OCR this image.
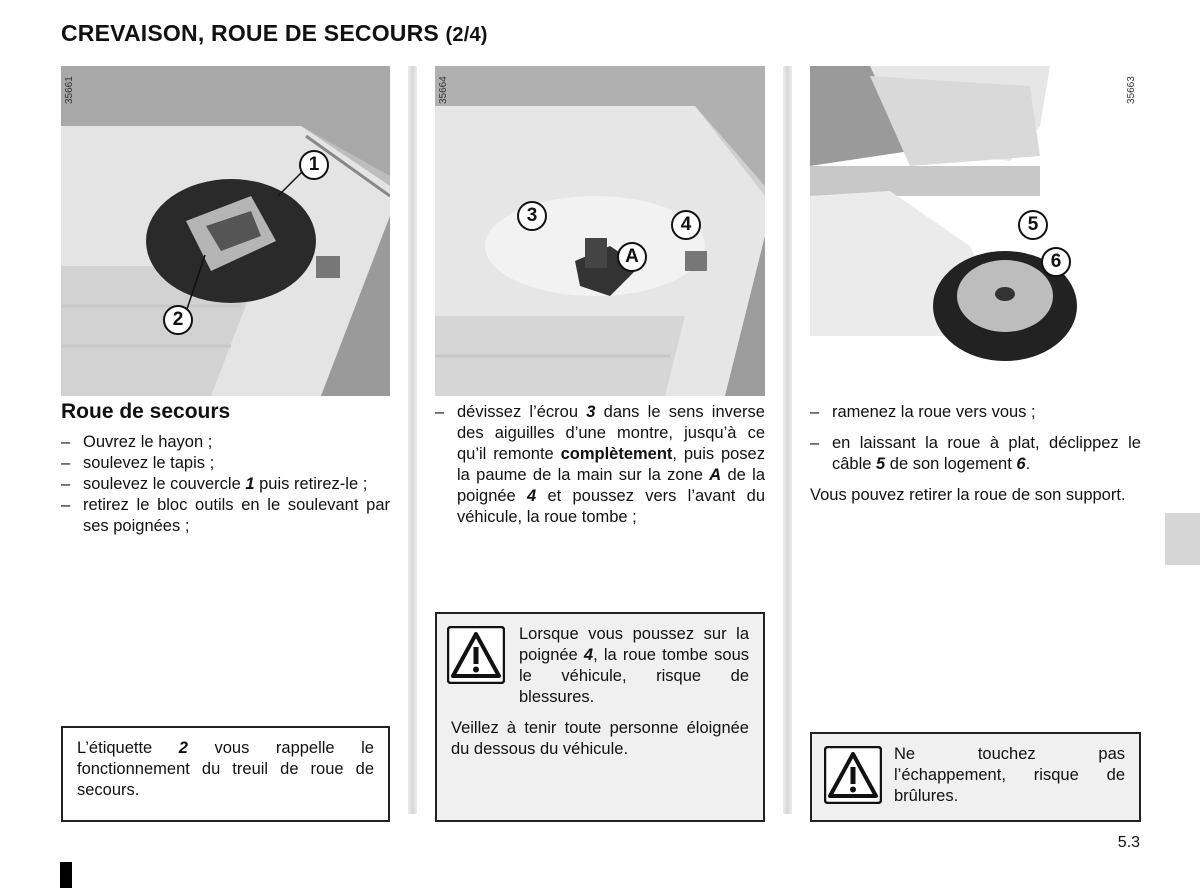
CREVAISON, ROUE DE SECOURS (2/4)
35661
1
2
35664
3	4
A
35663
5
6
Roue de secours
– Ouvrez le hayon ;
– soulevez le tapis ;
– soulevez le couvercle 1 puis retirez-le ;
– retirez le bloc outils en le soulevant par ses poignées ;

L’étiquette 2 vous rappelle le fonctionnement du treuil de roue de secours.

– dévissez l’écrou 3 dans le sens inverse des aiguilles d’une montre, jusqu’à ce qu’il remonte complètement, puis posez la paume de la main sur la zone A de la poignée 4 et poussez vers l’avant du véhicule, la roue tombe ;

Lorsque vous poussez sur la poignée 4, la roue tombe sous le véhicule, risque de blessures.

Veillez à tenir toute personne éloignée du dessous du véhicule.

– ramenez la roue vers vous ;
– en laissant la roue à plat, déclippez le câble 5 de son logement 6.

Vous pouvez retirer la roue de son support.

Ne touchez pas l’échappement, risque de brûlures.

5.3
